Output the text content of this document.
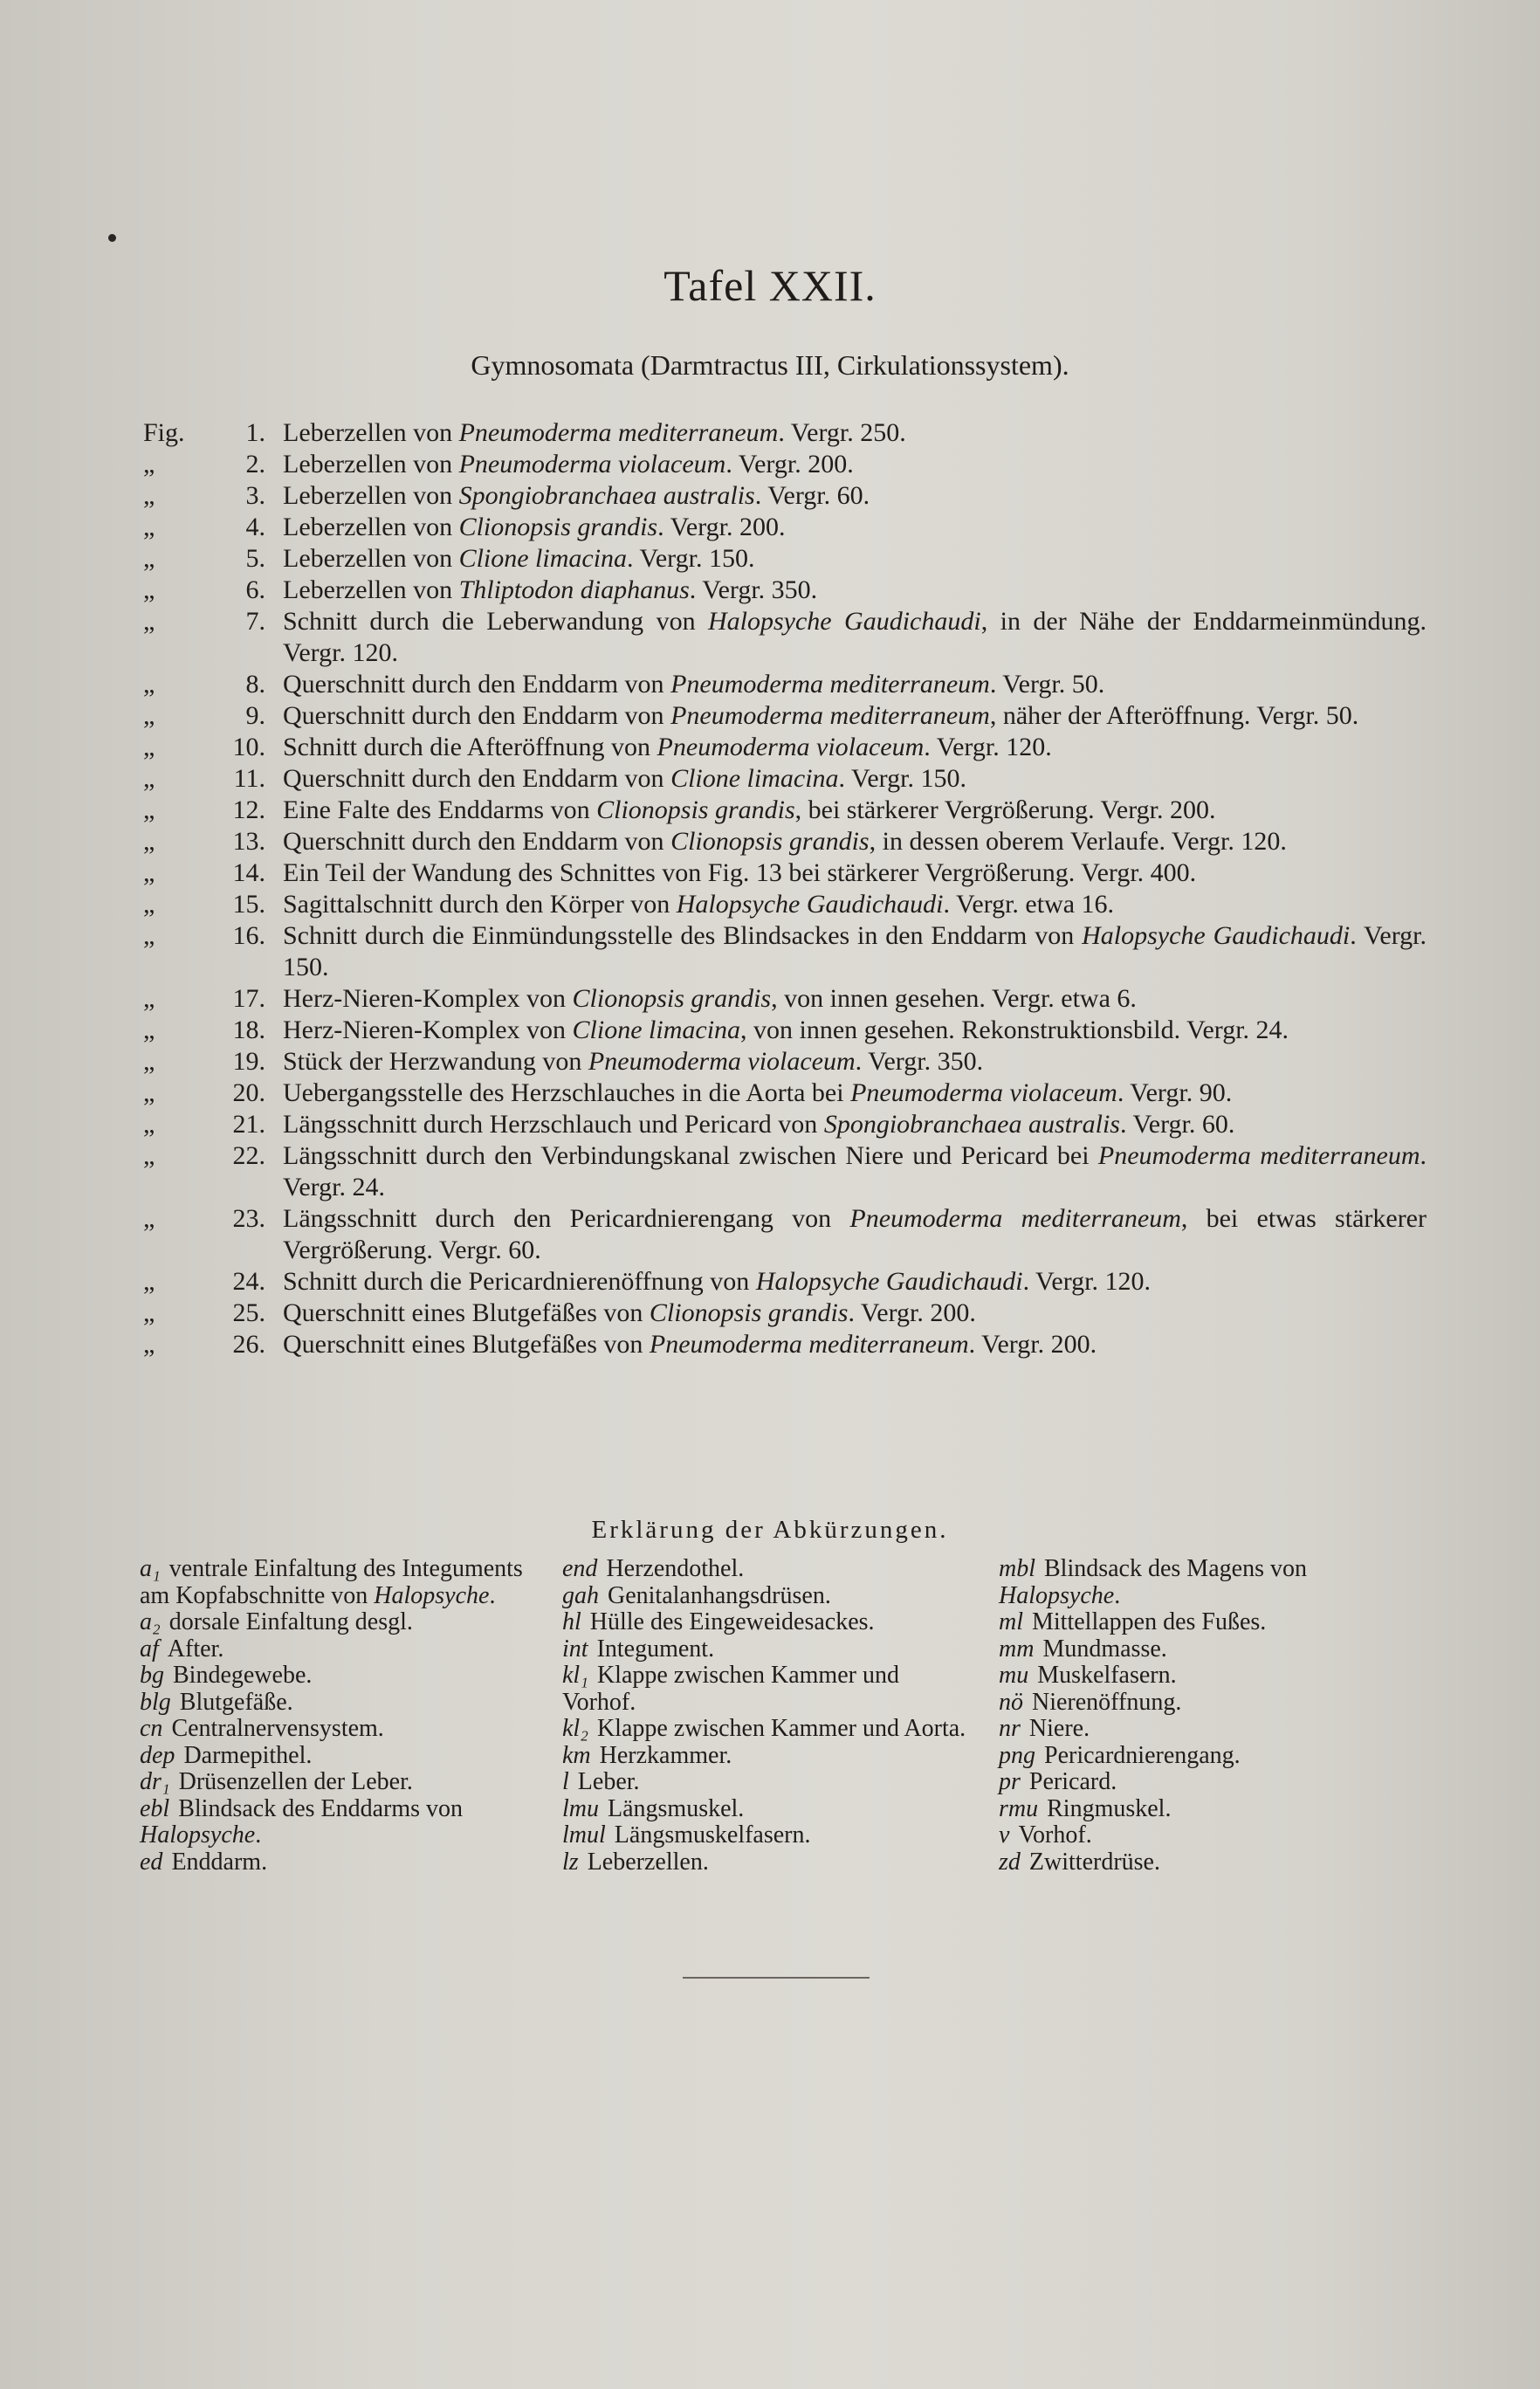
Tafel XXII.
Gymnosomata (Darmtractus III, Cirkulationssystem).
Fig.	1. Leberzellen von Pneumoderma mediterraneum. Vergr. 250.
„	2. Leberzellen von Pneumoderma violaceum. Vergr. 200.
„	3. Leberzellen von Spongiobranchaea australis. Vergr. 60.
„	4. Leberzellen von Clionopsis grandis. Vergr. 200.
„	5. Leberzellen von Clione limacina. Vergr. 150.
„	6. Leberzellen von Thliptodon diaphanus. Vergr. 350.
„	7. Schnitt durch die Leberwandung von Halopsyche Gaudichaudi, in der Nähe der Enddarmeinmündung. Vergr. 120.
„	8. Querschnitt durch den Enddarm von Pneumoderma mediterraneum. Vergr. 50.
„	9. Querschnitt durch den Enddarm von Pneumoderma mediterraneum, näher der Afteröffnung. Vergr. 50.
„	10. Schnitt durch die Afteröffnung von Pneumoderma violaceum. Vergr. 120.
„	11. Querschnitt durch den Enddarm von Clione limacina. Vergr. 150.
„	12. Eine Falte des Enddarms von Clionopsis grandis, bei stärkerer Vergrößerung. Vergr. 200.
„	13. Querschnitt durch den Enddarm von Clionopsis grandis, in dessen oberem Verlaufe. Vergr. 120.
„	14. Ein Teil der Wandung des Schnittes von Fig. 13 bei stärkerer Vergrößerung. Vergr. 400.
„	15. Sagittalschnitt durch den Körper von Halopsyche Gaudichaudi. Vergr. etwa 16.
„	16. Schnitt durch die Einmündungsstelle des Blindsackes in den Enddarm von Halopsyche Gaudichaudi. Vergr. 150.
„	17. Herz-Nieren-Komplex von Clionopsis grandis, von innen gesehen. Vergr. etwa 6.
„	18. Herz-Nieren-Komplex von Clione limacina, von innen gesehen. Rekonstruktionsbild. Vergr. 24.
„	19. Stück der Herzwandung von Pneumoderma violaceum. Vergr. 350.
„	20. Uebergangsstelle des Herzschlauches in die Aorta bei Pneumoderma violaceum. Vergr. 90.
„	21. Längsschnitt durch Herzschlauch und Pericard von Spongiobranchaea australis. Vergr. 60.
„	22. Längsschnitt durch den Verbindungskanal zwischen Niere und Pericard bei Pneumoderma mediterraneum. Vergr. 24.
„	23. Längsschnitt durch den Pericardnierengang von Pneumoderma mediterraneum, bei etwas stärkerer Vergrößerung. Vergr. 60.
„	24. Schnitt durch die Pericardnierenöffnung von Halopsyche Gaudichaudi. Vergr. 120.
„	25. Querschnitt eines Blutgefäßes von Clionopsis grandis. Vergr. 200.
„	26. Querschnitt eines Blutgefäßes von Pneumoderma mediterraneum. Vergr. 200.
Erklärung der Abkürzungen.
a₁ ventrale Einfaltung des Integuments am Kopfabschnitte von Halopsyche.
a₂ dorsale Einfaltung desgl.
af After.
bg Bindegewebe.
blg Blutgefäße.
cn Centralnervensystem.
dep Darmepithel.
dr₁ Drüsenzellen der Leber.
ebl Blindsack des Enddarms von Halopsyche.
ed Enddarm.
end Herzendothel.
gah Genitalanhangsdrüsen.
hl Hülle des Eingeweidesackes.
int Integument.
kl₁ Klappe zwischen Kammer und Vorhof.
kl₂ Klappe zwischen Kammer und Aorta.
km Herzkammer.
l Leber.
lmu Längsmuskel.
lmul Längsmuskelfasern.
lz Leberzellen.
mbl Blindsack des Magens von Halopsyche.
ml Mittellappen des Fußes.
mm Mundmasse.
mu Muskelfasern.
nö Nierenöffnung.
nr Niere.
png Pericardnierengang.
pr Pericard.
rmu Ringmuskel.
v Vorhof.
zd Zwitterdrüse.
